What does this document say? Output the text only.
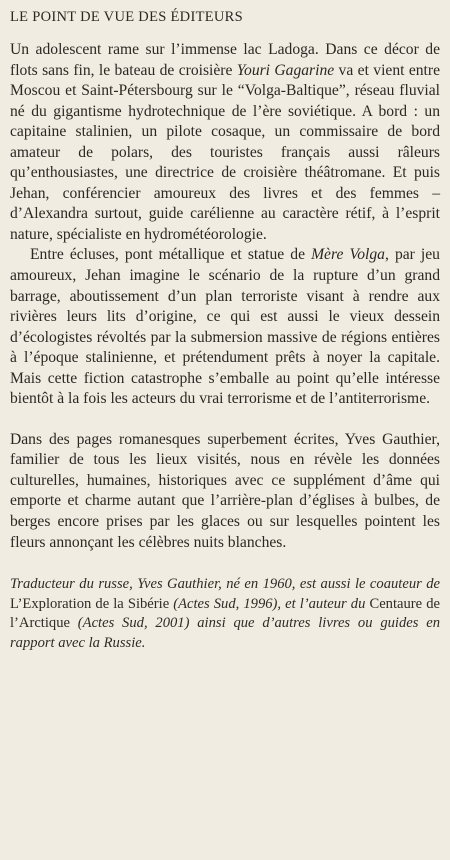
LE POINT DE VUE DES ÉDITEURS

Un adolescent rame sur l’immense lac Ladoga. Dans ce décor de flots sans fin, le bateau de croisière Youri Gagarine va et vient entre Moscou et Saint-Pétersbourg sur le “Volga-Baltique”, réseau fluvial né du gigantisme hydrotechnique de l’ère soviétique. A bord : un capitaine stalinien, un pilote cosaque, un commissaire de bord amateur de polars, des touristes français aussi râleurs qu’enthousiastes, une directrice de croisière théâtromane. Et puis Jehan, conférencier amoureux des livres et des femmes – d’Alexandra surtout, guide carélienne au caractère rétif, à l’esprit nature, spécialiste en hydrométéorologie.

Entre écluses, pont métallique et statue de Mère Volga, par jeu amoureux, Jehan imagine le scénario de la rupture d’un grand barrage, aboutissement d’un plan terroriste visant à rendre aux rivières leurs lits d’origine, ce qui est aussi le vieux dessein d’écologistes révoltés par la submersion massive de régions entières à l’époque stalinienne, et prétendument prêts à noyer la capitale. Mais cette fiction catastrophe s’emballe au point qu’elle intéresse bientôt à la fois les acteurs du vrai terrorisme et de l’antiterrorisme.

Dans des pages romanesques superbement écrites, Yves Gauthier, familier de tous les lieux visités, nous en révèle les données culturelles, humaines, historiques avec ce supplément d’âme qui emporte et charme autant que l’arrière-plan d’églises à bulbes, de berges encore prises par les glaces ou sur lesquelles pointent les fleurs annonçant les célèbres nuits blanches.

Traducteur du russe, Yves Gauthier, né en 1960, est aussi le coauteur de L’Exploration de la Sibérie (Actes Sud, 1996), et l’auteur du Centaure de l’Arctique (Actes Sud, 2001) ainsi que d’autres livres ou guides en rapport avec la Russie.
